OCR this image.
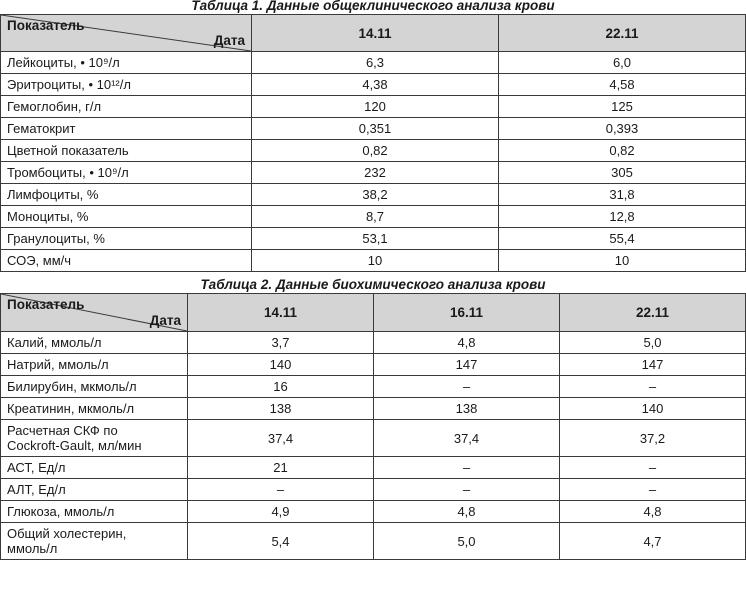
Таблица 1. Данные общеклинического анализа крови
Показатель
Дата	14.11	22.11
Лейкоциты, • 10⁹/л	6,3	6,0
Эритроциты, • 10¹²/л	4,38	4,58
Гемоглобин, г/л	120	125
Гематокрит	0,351	0,393
Цветной показатель	0,82	0,82
Тромбоциты, • 10⁹/л	232	305
Лимфоциты, %	38,2	31,8
Моноциты, %	8,7	12,8
Гранулоциты, %	53,1	55,4
СОЭ, мм/ч	10	10
Таблица 2. Данные биохимического анализа крови
Показатель
Дата	14.11	16.11	22.11
Калий, ммоль/л	3,7	4,8	5,0
Натрий, ммоль/л	140	147	147
Билирубин, мкмоль/л	16	–	–
Креатинин, мкмоль/л	138	138	140
Расчетная СКФ по
Cockroft-Gault, мл/мин	37,4	37,4	37,2
АСТ, Ед/л	21	–	–
АЛТ, Ед/л	–	–	–
Глюкоза, ммоль/л	4,9	4,8	4,8
Общий холестерин,
ммоль/л	5,4	5,0	4,7
